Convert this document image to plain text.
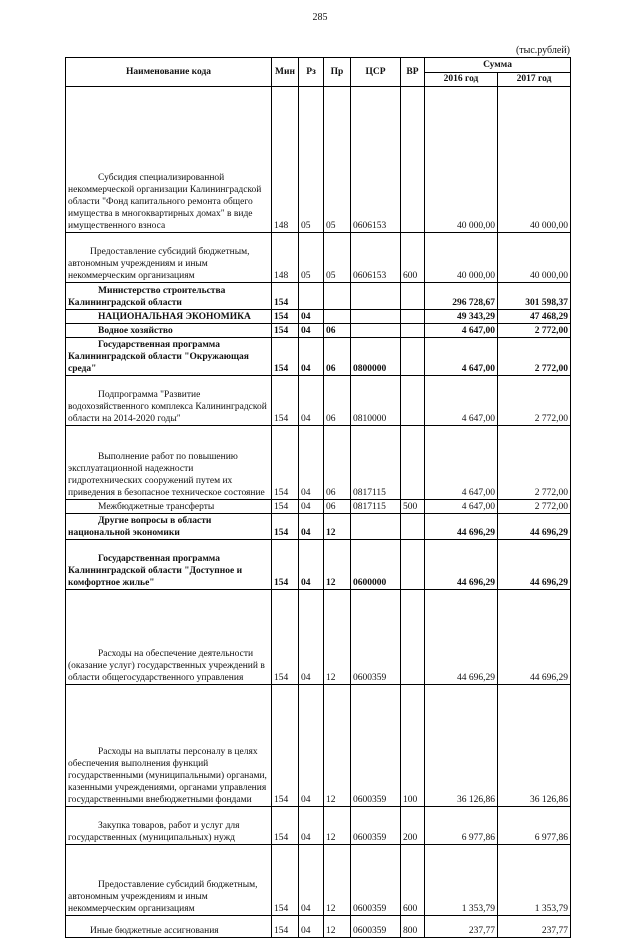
285
(тыс.рублей)
Наименование кода	Мин	Рз	Пр	ЦСР	ВР	Сумма	
						2016 год	2017 год
Субсидия специализированной некоммерческой организации Калининградской области "Фонд капитального ремонта общего имущества в многоквартирных домах" в виде имущественного взноса	148	05	05	0606153		40 000,00	40 000,00
Предоставление субсидий бюджетным, автономным учреждениям и иным некоммерческим организациям	148	05	05	0606153	600	40 000,00	40 000,00
Министерство строительства Калининградской области	154					296 728,67	301 598,37
НАЦИОНАЛЬНАЯ ЭКОНОМИКА	154	04				49 343,29	47 468,29
Водное хозяйство	154	04	06			4 647,00	2 772,00
Государственная программа Калининградской области "Окружающая среда"	154	04	06	0800000		4 647,00	2 772,00
Подпрограмма "Развитие водохозяйственного комплекса Калининградской области на 2014-2020 годы"	154	04	06	0810000		4 647,00	2 772,00
Выполнение работ по повышению эксплуатационной надежности гидротехнических сооружений путем их приведения в безопасное техническое состояние	154	04	06	0817115		4 647,00	2 772,00
Межбюджетные трансферты	154	04	06	0817115	500	4 647,00	2 772,00
Другие вопросы в области национальной экономики	154	04	12			44 696,29	44 696,29
Государственная программа Калининградской области "Доступное и комфортное жилье"	154	04	12	0600000		44 696,29	44 696,29
Расходы на обеспечение деятельности (оказание услуг) государственных учреждений в области общегосударственного управления	154	04	12	0600359		44 696,29	44 696,29
Расходы на выплаты персоналу в целях обеспечения выполнения функций государственными (муниципальными) органами, казенными учреждениями, органами управления государственными внебюджетными фондами	154	04	12	0600359	100	36 126,86	36 126,86
Закупка товаров, работ и услуг для государственных (муниципальных) нужд	154	04	12	0600359	200	6 977,86	6 977,86
Предоставление субсидий бюджетным, автономным учреждениям и иным некоммерческим организациям	154	04	12	0600359	600	1 353,79	1 353,79
Иные бюджетные ассигнования	154	04	12	0600359	800	237,77	237,77
